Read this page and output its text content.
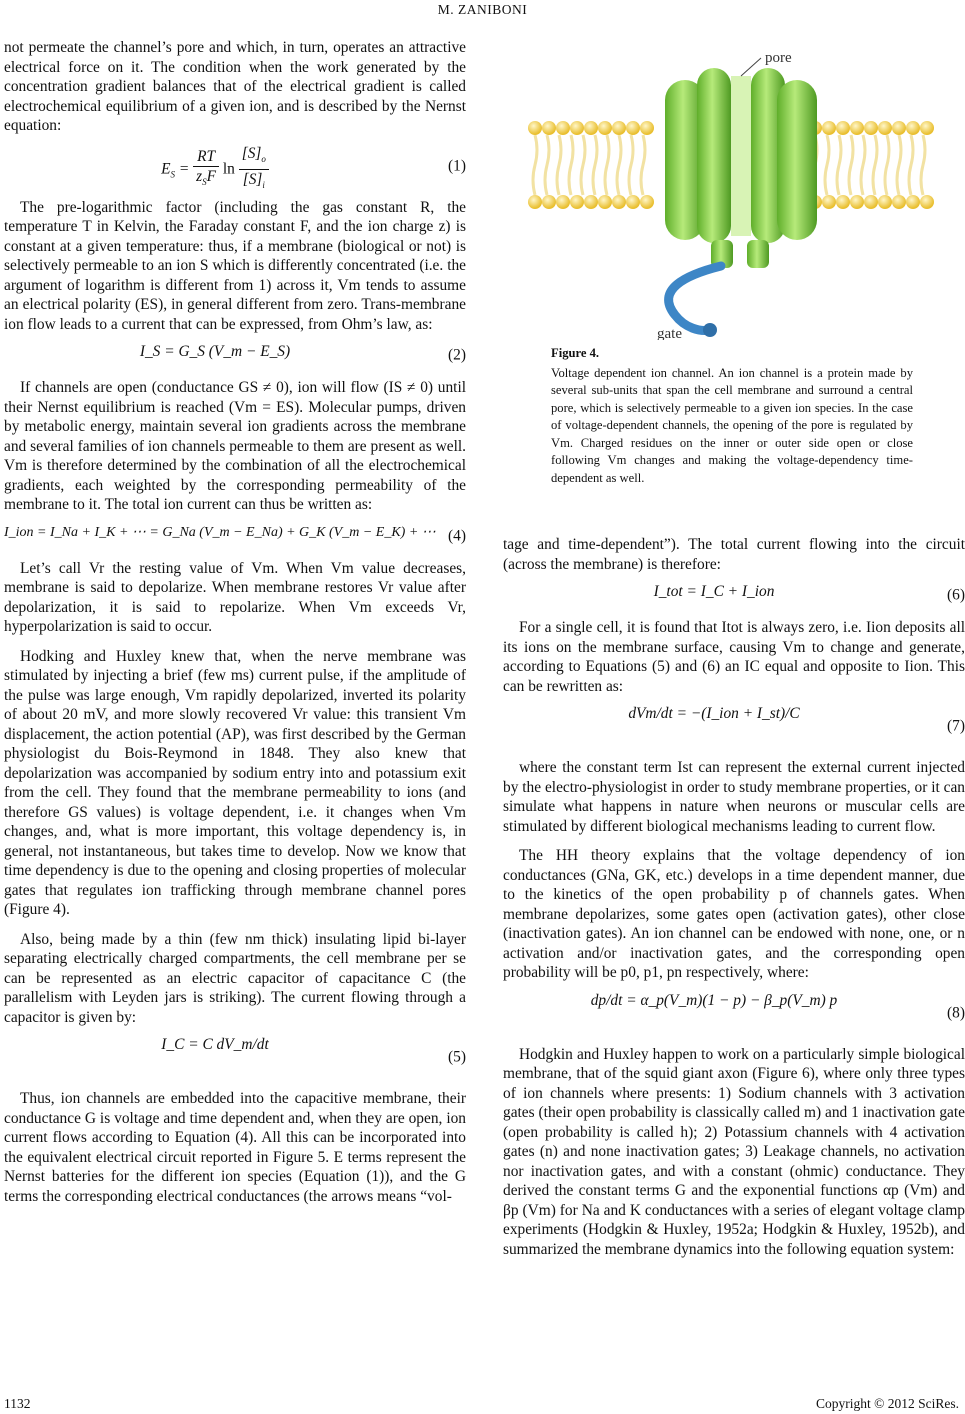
M. ZANIBONI

not permeate the channel’s pore and which, in turn, operates an attractive electrical force on it. The condition when the work generated by the concentration gradient balances that of the electrical gradient is called electrochemical equilibrium of a given ion, and is described by the Nernst equation:

$E_S = \frac{RT}{z_SF}$ $\ln \frac{[S]_o}{[S]_i}$	(1)

The pre-logarithmic factor (including the gas constant R, the temperature T in Kelvin, the Faraday constant F, and the ion charge z) is constant at a given temperature: thus, if a membrane (biological or not) is selectively permeable to an ion S which is differently concentrated (i.e. the argument of logarithm is different from 1) across it, Vm tends to assume an electrical polarity (ES), in general different from zero. Trans-membrane ion flow leads to a current that can be expressed, from Ohm’s law, as:

I_S = G_S (V_m − E_S)	(2)

If channels are open (conductance GS ≠ 0), ion will flow (IS ≠ 0) until their Nernst equilibrium is reached (Vm = ES). Molecular pumps, driven by metabolic energy, maintain several ion gradients across the membrane and several families of ion channels permeable to them are present as well. Vm is therefore determined by the combination of all the electrochemical gradients, each weighted by the corresponding permeability of the membrane to it. The total ion current can thus be written as:

I_ion = I_Na + I_K + ⋯ = G_Na (V_m − E_Na) + G_K (V_m − E_K) + ⋯ (4)

Let’s call Vr the resting value of Vm. When Vm value decreases, membrane is said to depolarize. When membrane restores Vr value after depolarization, it is said to repolarize. When Vm exceeds Vr, hyperpolarization is said to occur.

Hodking and Huxley knew that, when the nerve membrane was stimulated by injecting a brief (few ms) current pulse, if the amplitude of the pulse was large enough, Vm rapidly depolarized, inverted its polarity of about 20 mV, and more slowly recovered Vr value: this transient Vm displacement, the action potential (AP), was first described by the German physiologist du Bois-Reymond in 1848. They also knew that depolarization was accompanied by sodium entry into and potassium exit from the cell. They found that the membrane permeability to ions (and therefore GS values) is voltage dependent, i.e. it changes when Vm changes, and, what is more important, this voltage dependency is, in general, not instantaneous, but takes time to develop. Now we know that time dependency is due to the opening and closing properties of molecular gates that regulates ion trafficking through membrane channel pores (Figure 4).

Also, being made by a thin (few nm thick) insulating lipid bi-layer separating electrically charged compartments, the cell membrane per se can be represented as an electric capacitor of capacitance C (the parallelism with Leyden jars is striking). The current flowing through a capacitor is given by:

I_C = C dV_m/dt
(5)

Thus, ion channels are embedded into the capacitive membrane, their conductance G is voltage and time dependent and, when they are open, ion current flows according to Equation (4). All this can be incorporated into the equivalent electrical circuit reported in Figure 5. E terms represent the Nernst batteries for the different ion species (Equation (1)), and the G terms the corresponding electrical conductances (the arrows means “vol-

pore
gate
Figure 4.

Voltage dependent ion channel. An ion channel is a protein made by several sub-units that span the cell membrane and surround a central pore, which is selectively permeable to a given ion species. In the case of voltage-dependent channels, the opening of the pore is regulated by Vm. Charged residues on the inner or outer side open or close following Vm changes and making the voltage-dependency time-dependent as well.

tage and time-dependent”). The total current flowing into the circuit (across the membrane) is therefore:

I_tot = I_C + I_ion	(6)

For a single cell, it is found that Itot is always zero, i.e. Iion deposits all its ions on the membrane surface, causing Vm to change and generate, according to Equations (5) and (6) an IC equal and opposite to Iion. This can be rewritten as:

dVm/dt = −(I_ion + I_st)/C
(7)

where the constant term Ist can represent the external current injected by the electro-physiologist in order to study membrane properties, or it can simulate what happens in nature when neurons or muscular cells are stimulated by different biological mechanisms leading to current flow.

The HH theory explains that the voltage dependency of ion conductances (GNa, GK, etc.) develops in a time dependent manner, due to the kinetics of the open probability p of channels gates. When membrane depolarizes, some gates open (activation gates), other close (inactivation gates). An ion channel can be endowed with none, one, or n activation and/or inactivation gates, and the corresponding open probability will be p0, p1, pn respectively, where:

dp/dt = α_p(V_m)(1 − p) − β_p(V_m) p
(8)

Hodgkin and Huxley happen to work on a particularly simple biological membrane, that of the squid giant axon (Figure 6), where only three types of ion channels where presents: 1) Sodium channels with 3 activation gates (their open probability is classically called m) and 1 inactivation gate (open probability is called h); 2) Potassium channels with 4 activation gates (n) and none inactivation gates; 3) Leakage channels, no activation nor inactivation gates, and with a constant (ohmic) conductance. They derived the constant terms G and the exponential functions αp (Vm) and βp (Vm) for Na and K conductances with a series of elegant voltage clamp experiments (Hodgkin & Huxley, 1952a; Hodgkin & Huxley, 1952b), and summarized the membrane dynamics into the following equation system:

1132	Copyright © 2012 SciRes.
